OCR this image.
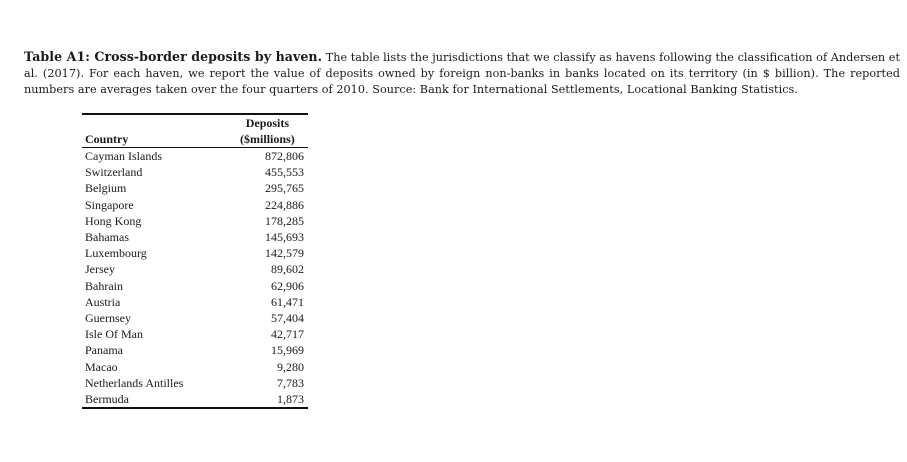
Table A1: Cross-border deposits by haven. The table lists the jurisdictions that we classify as havens following the classification of Andersen et al. (2017). For each haven, we report the value of deposits owned by foreign non-banks in banks located on its territory (in $ billion). The reported numbers are averages taken over the four quarters of 2010. Source: Bank for International Settlements, Locational Banking Statistics.

Country	Deposits
($millions)

Cayman Islands	872,806
Switzerland	455,553
Belgium	295,765
Singapore	224,886
Hong Kong	178,285
Bahamas	145,693
Luxembourg	142,579
Jersey	89,602
Bahrain	62,906
Austria	61,471
Guernsey	57,404
Isle Of Man	42,717
Panama	15,969
Macao	9,280
Netherlands Antilles	7,783
Bermuda	1,873
